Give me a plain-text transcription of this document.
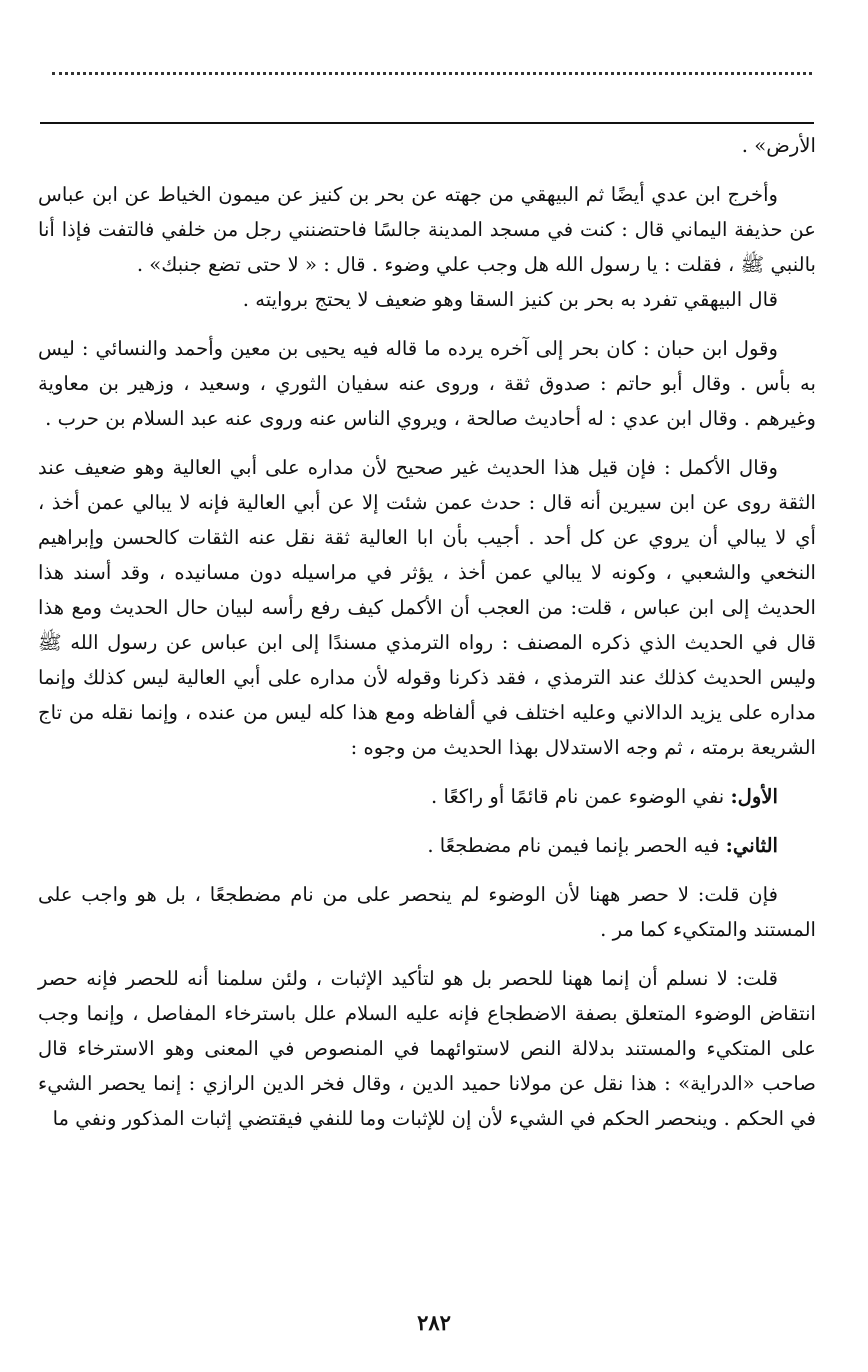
الأرض» .

وأخرج ابن عدي أيضًا ثم البيهقي من جهته عن بحر بن كنيز عن ميمون الخياط عن ابن عباس عن حذيفة اليماني قال : كنت في مسجد المدينة جالسًا فاحتضنني رجل من خلفي فالتفت فإذا أنا بالنبي ﷺ ، فقلت : يا رسول الله هل وجب علي وضوء . قال : « لا حتى تضع جنبك» .

قال البيهقي تفرد به بحر بن كنيز السقا وهو ضعيف لا يحتج بروايته .

وقول ابن حبان : كان بحر إلى آخره يرده ما قاله فيه يحيى بن معين وأحمد والنسائي : ليس به بأس . وقال أبو حاتم : صدوق ثقة ، وروى عنه سفيان الثوري ، وسعيد ، وزهير بن معاوية وغيرهم . وقال ابن عدي : له أحاديث صالحة ، ويروي الناس عنه وروى عنه عبد السلام بن حرب .

وقال الأكمل : فإن قيل هذا الحديث غير صحيح لأن مداره على أبي العالية وهو ضعيف عند الثقة روى عن ابن سيرين أنه قال : حدث عمن شئت إلا عن أبي العالية فإنه لا يبالي عمن أخذ ، أي لا يبالي أن يروي عن كل أحد . أجيب بأن ابا العالية ثقة نقل عنه الثقات كالحسن وإبراهيم النخعي والشعبي ، وكونه لا يبالي عمن أخذ ، يؤثر في مراسيله دون مسانيده ، وقد أسند هذا الحديث إلى ابن عباس ، قلت: من العجب أن الأكمل كيف رفع رأسه لبيان حال الحديث ومع هذا قال في الحديث الذي ذكره المصنف : رواه الترمذي مسندًا إلى ابن عباس عن رسول الله ﷺ وليس الحديث كذلك عند الترمذي ، فقد ذكرنا وقوله لأن مداره على أبي العالية ليس كذلك وإنما مداره على يزيد الدالاني وعليه اختلف في ألفاظه ومع هذا كله ليس من عنده ، وإنما نقله من تاج الشريعة برمته ، ثم وجه الاستدلال بهذا الحديث من وجوه :

الأول: نفي الوضوء عمن نام قائمًا أو راكعًا .

الثاني: فيه الحصر بإنما فيمن نام مضطجعًا .

فإن قلت: لا حصر ههنا لأن الوضوء لم ينحصر على من نام مضطجعًا ، بل هو واجب على المستند والمتكيء كما مر .

قلت: لا نسلم أن إنما ههنا للحصر بل هو لتأكيد الإثبات ، ولئن سلمنا أنه للحصر فإنه حصر انتقاض الوضوء المتعلق بصفة الاضطجاع فإنه عليه السلام علل باسترخاء المفاصل ، وإنما وجب على المتكيء والمستند بدلالة النص لاستوائهما في المنصوص في المعنى وهو الاسترخاء قال صاحب «الدراية» : هذا نقل عن مولانا حميد الدين ، وقال فخر الدين الرازي : إنما يحصر الشيء في الحكم . وينحصر الحكم في الشيء لأن إن للإثبات وما للنفي فيقتضي إثبات المذكور ونفي ما

٢٨٢
